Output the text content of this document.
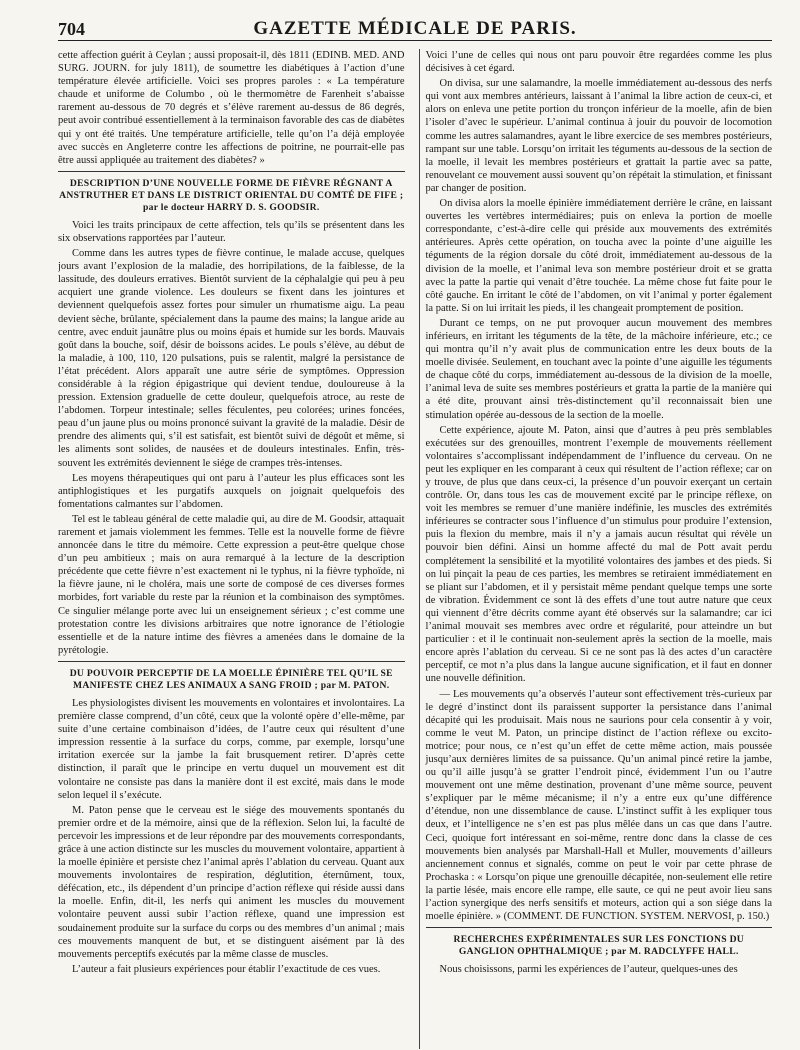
704	GAZETTE MÉDICALE DE PARIS.

cette affection guérit à Ceylan ; aussi proposait-il, dès 1811 (EDINB. MED. AND SURG. JOURN. for july 1811), de soumettre les diabétiques à l’action d’une température élevée artificielle. Voici ses propres paroles : « La température chaude et uniforme de Columbo , où le thermomètre de Farenheit s’abaisse rarement au-dessous de 70 degrés et s’élève rarement au-dessus de 86 degrés, peut avoir contribué essentiellement à la terminaison favorable des cas de diabètes qui y ont été traités. Une température artificielle, telle qu’on l’a déjà employée avec succès en Angleterre contre les affections de poitrine, ne pourrait-elle pas être aussi appliquée au traitement des diabètes? »

DESCRIPTION D’UNE NOUVELLE FORME DE FIÈVRE RÉGNANT A ANSTRUTHER ET DANS LE DISTRICT ORIENTAL DU COMTÉ DE FIFE ; par le docteur HARRY D. S. GOODSIR.

Voici les traits principaux de cette affection, tels qu’ils se présentent dans les six observations rapportées par l’auteur.

Comme dans les autres types de fièvre continue, le malade accuse, quelques jours avant l’explosion de la maladie, des horripilations, de la faiblesse, de la lassitude, des douleurs erratives. Bientôt survient de la céphalalgie qui peu à peu acquiert une grande violence. Les douleurs se fixent dans les jointures et deviennent quelquefois assez fortes pour simuler un rhumatisme aigu. La peau devient sèche, brûlante, spécialement dans la paume des mains; la langue aride au centre, avec enduit jaunâtre plus ou moins épais et humide sur les bords. Mauvais goût dans la bouche, soif, désir de boissons acides. Le pouls s’élève, au début de la maladie, à 100, 110, 120 pulsations, puis se ralentit, malgré la persistance de l’état précédent. Alors apparaît une autre série de symptômes. Oppression considérable à la région épigastrique qui devient tendue, douloureuse à la pression. Extension graduelle de cette douleur, quelquefois atroce, au reste de l’abdomen. Torpeur intestinale; selles féculentes, peu colorées; urines foncées, peau d’un jaune plus ou moins prononcé suivant la gravité de la maladie. Désir de prendre des aliments qui, s’il est satisfait, est bientôt suivi de dégoût et même, si les aliments sont solides, de nausées et de douleurs intestinales. Enfin, très-souvent les extrémités deviennent le siége de crampes très-intenses.

Les moyens thérapeutiques qui ont paru à l’auteur les plus efficaces sont les antiphlogistiques et les purgatifs auxquels on joignait quelquefois des fomentations calmantes sur l’abdomen.

Tel est le tableau général de cette maladie qui, au dire de M. Goodsir, attaquait rarement et jamais violemment les femmes. Telle est la nouvelle forme de fièvre annoncée dans le titre du mémoire. Cette expression a peut-être quelque chose d’un peu ambitieux ; mais on aura remarqué à la lecture de la description précédente que cette fièvre n’est exactement ni le typhus, ni la fièvre typhoïde, ni la fièvre jaune, ni le choléra, mais une sorte de composé de ces diverses formes morbides, fort variable du reste par la réunion et la combinaison des symptômes. Ce singulier mélange porte avec lui un enseignement sérieux ; c’est comme une protestation contre les divisions arbitraires que notre ignorance de l’étiologie essentielle et de la nature intime des fièvres a amenées dans le domaine de la pyrétologie.

DU POUVOIR PERCEPTIF DE LA MOELLE ÉPINIÈRE TEL QU’IL SE MANIFESTE CHEZ LES ANIMAUX A SANG FROID ; par M. PATON.

Les physiologistes divisent les mouvements en volontaires et involontaires. La première classe comprend, d’un côté, ceux que la volonté opère d’elle-même, par suite d’une certaine combinaison d’idées, de l’autre ceux qui résultent d’une impression ressentie à la surface du corps, comme, par exemple, lorsqu’une irritation exercée sur la jambe la fait brusquement retirer. D’après cette distinction, il paraît que le principe en vertu duquel un mouvement est dit volontaire ne consiste pas dans la manière dont il est excité, mais dans le mode selon lequel il s’exécute.

M. Paton pense que le cerveau est le siége des mouvements spontanés du premier ordre et de la mémoire, ainsi que de la réflexion. Selon lui, la faculté de percevoir les impressions et de leur répondre par des mouvements correspondants, grâce à une action distincte sur les muscles du mouvement volontaire, appartient à la moelle épinière et persiste chez l’animal après l’ablation du cerveau. Quant aux mouvements involontaires de respiration, déglutition, éternûment, toux, défécation, etc., ils dépendent d’un principe d’action réflexe qui réside aussi dans la moelle. Enfin, dit-il, les nerfs qui animent les muscles du mouvement volontaire peuvent aussi subir l’action réflexe, quand une impression est soudainement produite sur la surface du corps ou des membres d’un animal ; mais ces mouvements manquent de but, et se distinguent aisément par là des mouvements perceptifs exécutés par la même classe de muscles.

L’auteur a fait plusieurs expériences pour établir l’exactitude de ces vues.

Voici l’une de celles qui nous ont paru pouvoir être regardées comme les plus décisives à cet égard.

On divisa, sur une salamandre, la moelle immédiatement au-dessous des nerfs qui vont aux membres antérieurs, laissant à l’animal la libre action de ceux-ci, et alors on enleva une petite portion du tronçon inférieur de la moelle, afin de bien l’isoler d’avec le supérieur. L’animal continua à jouir du pouvoir de locomotion comme les autres salamandres, ayant le libre exercice de ses membres postérieurs, rampant sur une table. Lorsqu’on irritait les téguments au-dessous de la section de la moelle, il levait les membres postérieurs et grattait la partie avec sa patte, renouvelant ce mouvement aussi souvent qu’on répétait la stimulation, et finissant par changer de position.

On divisa alors la moelle épinière immédiatement derrière le crâne, en laissant ouvertes les vertèbres intermédiaires; puis on enleva la portion de moelle correspondante, c’est-à-dire celle qui préside aux mouvements des extrémités antérieures. Après cette opération, on toucha avec la pointe d’une aiguille les téguments de la région dorsale du côté droit, immédiatement au-dessous de la division de la moelle, et l’animal leva son membre postérieur droit et se gratta avec la patte la partie qui venait d’être touchée. La même chose fut faite pour le côté gauche. En irritant le côté de l’abdomen, on vit l’animal y porter également la patte. Si on lui irritait les pieds, il les changeait promptement de position.

Durant ce temps, on ne put provoquer aucun mouvement des membres inférieurs, en irritant les téguments de la tête, de la mâchoire inférieure, etc.; ce qui montra qu’il n’y avait plus de communication entre les deux bouts de la moelle divisée. Seulement, en touchant avec la pointe d’une aiguille les téguments de chaque côté du corps, immédiatement au-dessous de la division de la moelle, l’animal leva de suite ses membres postérieurs et gratta la partie de la manière qui a été dite, prouvant ainsi très-distinctement qu’il reconnaissait bien une stimulation opérée au-dessous de la section de la moelle.

Cette expérience, ajoute M. Paton, ainsi que d’autres à peu près semblables exécutées sur des grenouilles, montrent l’exemple de mouvements réellement volontaires s’accomplissant indépendamment de l’influence du cerveau. On ne peut les expliquer en les comparant à ceux qui résultent de l’action réflexe; car on y trouve, de plus que dans ceux-ci, la présence d’un pouvoir exerçant un certain contrôle. Or, dans tous les cas de mouvement excité par le principe réflexe, on voit les membres se remuer d’une manière indéfinie, les muscles des extrémités inférieures se contracter sous l’influence d’un stimulus pour produire l’extension, puis la flexion du membre, mais il n’y a jamais aucun résultat qui révèle un pouvoir bien défini. Ainsi un homme affecté du mal de Pott avait perdu complétement la sensibilité et la myotilité volontaires des jambes et des pieds. Si on lui pinçait la peau de ces parties, les membres se retiraient immédiatement en se pliant sur l’abdomen, et il y persistait même pendant quelque temps une sorte de vibration. Évidemment ce sont là des effets d’une tout autre nature que ceux qui viennent d’être décrits comme ayant été observés sur la salamandre; car ici l’animal mouvait ses membres avec ordre et régularité, pour atteindre un but particulier : et il le continuait non-seulement après la section de la moelle, mais encore après l’ablation du cerveau. Si ce ne sont pas là des actes d’un caractère perceptif, ce mot n’a plus dans la langue aucune signification, et il faut en donner une nouvelle définition.

— Les mouvements qu’a observés l’auteur sont effectivement très-curieux par le degré d’instinct dont ils paraissent supporter la persistance dans l’animal décapité qui les produisait. Mais nous ne saurions pour cela consentir à y voir, comme le veut M. Paton, un principe distinct de l’action réflexe ou excito-motrice; pour nous, ce n’est qu’un effet de cette même action, mais poussée jusqu’aux dernières limites de sa puissance. Qu’un animal pincé retire la jambe, ou qu’il aille jusqu’à se gratter l’endroit pincé, évidemment l’un ou l’autre mouvement ont une même destination, provenant d’une même source, peuvent s’expliquer par le même mécanisme; il n’y a entre eux qu’une différence d’étendue, non une dissemblance de cause. L’instinct suffit à les expliquer tous deux, et l’intelligence ne s’en est pas plus mêlée dans un cas que dans l’autre. Ceci, quoique fort intéressant en soi-même, rentre donc dans la classe de ces mouvements bien analysés par Marshall-Hall et Muller, mouvements d’ailleurs anciennement connus et signalés, comme on peut le voir par cette phrase de Prochaska : « Lorsqu’on pique une grenouille décapitée, non-seulement elle retire la partie lésée, mais encore elle rampe, elle saute, ce qui ne peut avoir lieu sans l’action synergique des nerfs sensitifs et moteurs, action qui a son siége dans la moelle épinière. » (COMMENT. DE FUNCTION. SYSTEM. NERVOSI, p. 150.)

RECHERCHES EXPÉRIMENTALES SUR LES FONCTIONS DU GANGLION OPHTHALMIQUE ; par M. RADCLYFFE HALL.

Nous choisissons, parmi les expériences de l’auteur, quelques-unes des
